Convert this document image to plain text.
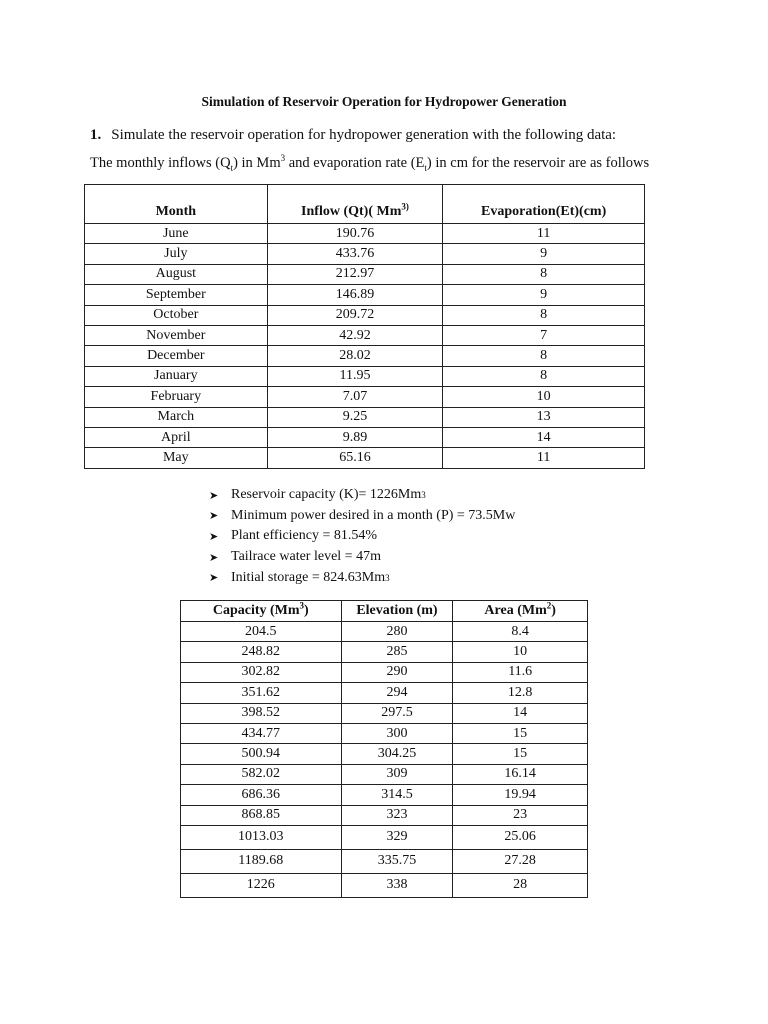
Simulation of Reservoir Operation for Hydropower Generation
1. Simulate the reservoir operation for hydropower generation with the following data:
The monthly inflows $(Q_t)$ in Mm$^3$ and evaporation rate $(E_t)$ in cm for the reservoir are as follows
Month	Inflow (Qt)( Mm$^{3)}$	Evaporation(Et)(cm)
June	190.76	11
July	433.76	9
August	212.97	8
September	146.89	9
October	209.72	8
November	42.92	7
December	28.02	8
January	11.95	8
February	7.07	10
March	9.25	13
April	9.89	14
May	65.16	11
➤ Reservoir capacity (K)= 1226Mm 3
➤ Minimum power desired in a month (P) = 73.5Mw
➤ Plant efficiency = 81.54%
➤ Tailrace water level = 47m
➤ Initial storage = 824.63Mm 3
Capacity (Mm$^3$)	Elevation (m)	Area (Mm$^2$)
204.5	280	8.4
248.82	285	10
302.82	290	11.6
351.62	294	12.8
398.52	297.5	14
434.77	300	15
500.94	304.25	15
582.02	309	16.14
686.36	314.5	19.94
868.85	323	23
1013.03	329	25.06
1189.68	335.75	27.28
1226	338	28
